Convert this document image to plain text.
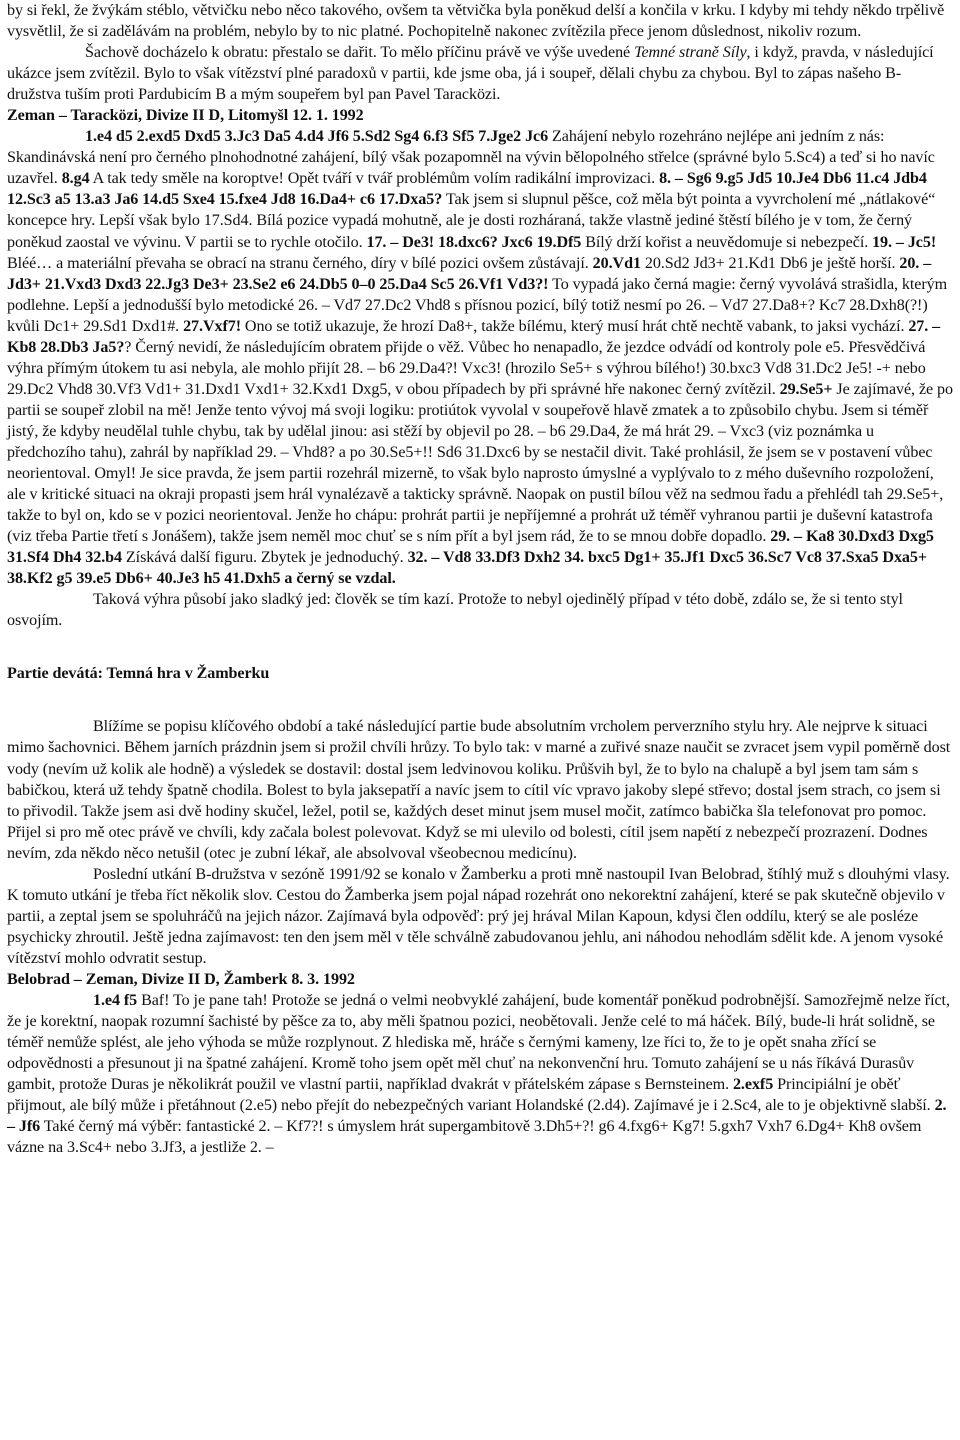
by si řekl, že žvýkám stéblo, větvičku nebo něco takového, ovšem ta větvička byla poněkud delší a končila v krku. I kdyby mi tehdy někdo trpělivě vysvětlil, že si zadělávám na problém, nebylo by to nic platné. Pochopitelně nakonec zvítězila přece jenom důslednost, nikoliv rozum.

Šachově docházelo k obratu: přestalo se dařit. To mělo příčinu právě ve výše uvedené Temné straně Síly, i když, pravda, v následující ukázce jsem zvítězil. Bylo to však vítězství plné paradoxů v partii, kde jsme oba, já i soupeř, dělali chybu za chybou. Byl to zápas našeho B-družstva tuším proti Pardubicím B a mým soupeřem byl pan Pavel Taracközi.

Zeman – Taracközi, Divize II D, Litomyšl 12. 1. 1992

1.e4 d5 2.exd5 Dxd5 3.Jc3 Da5 4.d4 Jf6 5.Sd2 Sg4 6.f3 Sf5 7.Jge2 Jc6 Zahájení nebylo rozehráno nejlépe ani jedním z nás: Skandinávská není pro černého plnohodnotné zahájení, bílý však pozapomněl na vývin bělopolného střelce (správné bylo 5.Sc4) a teď si ho navíc uzavřel. 8.g4 A tak tedy směle na koroptve! Opět tváří v tvář problémům volím radikální improvizaci. 8. – Sg6 9.g5 Jd5 10.Je4 Db6 11.c4 Jdb4 12.Sc3 a5 13.a3 Ja6 14.d5 Sxe4 15.fxe4 Jd8 16.Da4+ c6 17.Dxa5? Tak jsem si slupnul pěšce, což měla být pointa a vyvrcholení mé „nátlakové“ koncepce hry. Lepší však bylo 17.Sd4. Bílá pozice vypadá mohutně, ale je dosti rozháraná, takže vlastně jediné štěstí bílého je v tom, že černý poněkud zaostal ve vývinu. V partii se to rychle otočilo. 17. – De3! 18.dxc6? Jxc6 19.Df5 Bílý drží kořist a neuvědomuje si nebezpečí. 19. – Jc5! Bléé… a materiální převaha se obrací na stranu černého, díry v bílé pozici ovšem zůstávají. 20.Vd1 20.Sd2 Jd3+ 21.Kd1 Db6 je ještě horší. 20. – Jd3+ 21.Vxd3 Dxd3 22.Jg3 De3+ 23.Se2 e6 24.Db5 0–0 25.Da4 Sc5 26.Vf1 Vd3?! To vypadá jako černá magie: černý vyvolává strašidla, kterým podlehne. Lepší a jednodušší bylo metodické 26. – Vd7 27.Dc2 Vhd8 s přísnou pozicí, bílý totiž nesmí po 26. – Vd7 27.Da8+? Kc7 28.Dxh8(?!) kvůli Dc1+ 29.Sd1 Dxd1#. 27.Vxf7! Ono se totiž ukazuje, že hrozí Da8+, takže bílému, který musí hrát chtě nechtě vabank, to jaksi vychází. 27. – Kb8 28.Db3 Ja5?? Černý nevidí, že následujícím obratem přijde o věž. Vůbec ho nenapadlo, že jezdce odvádí od kontroly pole e5. Přesvědčivá výhra přímým útokem tu asi nebyla, ale mohlo přijít 28. – b6 29.Da4?! Vxc3! (hrozilo Se5+ s výhrou bílého!) 30.bxc3 Vd8 31.Dc2 Je5! -+ nebo 29.Dc2 Vhd8 30.Vf3 Vd1+ 31.Dxd1 Vxd1+ 32.Kxd1 Dxg5, v obou případech by při správné hře nakonec černý zvítězil. 29.Se5+ Je zajímavé, že po partii se soupeř zlobil na mě! Jenže tento vývoj má svoji logiku: protiútok vyvolal v soupeřově hlavě zmatek a to způsobilo chybu. Jsem si téměř jistý, že kdyby neudělal tuhle chybu, tak by udělal jinou: asi stěží by objevil po 28. – b6 29.Da4, že má hrát 29. – Vxc3 (viz poznámka u předchozího tahu), zahrál by například 29. – Vhd8? a po 30.Se5+!! Sd6 31.Dxc6 by se nestačil divit. Také prohlásil, že jsem se v postavení vůbec neorientoval. Omyl! Je sice pravda, že jsem partii rozehrál mizerně, to však bylo naprosto úmyslné a vyplývalo to z mého duševního rozpoložení, ale v kritické situaci na okraji propasti jsem hrál vynalézavě a takticky správně. Naopak on pustil bílou věž na sedmou řadu a přehlédl tah 29.Se5+, takže to byl on, kdo se v pozici neorientoval. Jenže ho chápu: prohrát partii je nepříjemné a prohrát už téměř vyhranou partii je duševní katastrofa (viz třeba Partie třetí s Jonášem), takže jsem neměl moc chuť se s ním přít a byl jsem rád, že to se mnou dobře dopadlo. 29. – Ka8 30.Dxd3 Dxg5 31.Sf4 Dh4 32.b4 Získává další figuru. Zbytek je jednoduchý. 32. – Vd8 33.Df3 Dxh2 34. bxc5 Dg1+ 35.Jf1 Dxc5 36.Sc7 Vc8 37.Sxa5 Dxa5+ 38.Kf2 g5 39.e5 Db6+ 40.Je3 h5 41.Dxh5 a černý se vzdal.

Taková výhra působí jako sladký jed: člověk se tím kazí. Protože to nebyl ojedinělý případ v této době, zdálo se, že si tento styl osvojím.

Partie devátá: Temná hra v Žamberku

Blížíme se popisu klíčového období a také následující partie bude absolutním vrcholem perverzního stylu hry. Ale nejprve k situaci mimo šachovnici. Během jarních prázdnin jsem si prožil chvíli hrůzy. To bylo tak: v marné a zuřivé snaze naučit se zvracet jsem vypil poměrně dost vody (nevím už kolik ale hodně) a výsledek se dostavil: dostal jsem ledvinovou koliku. Průšvih byl, že to bylo na chalupě a byl jsem tam sám s babičkou, která už tehdy špatně chodila. Bolest to byla jaksepatří a navíc jsem to cítil víc vpravo jakoby slepé střevo; dostal jsem strach, co jsem si to přivodil. Takže jsem asi dvě hodiny skučel, ležel, potil se, každých deset minut jsem musel močit, zatímco babička šla telefonovat pro pomoc. Přijel si pro mě otec právě ve chvíli, kdy začala bolest polevovat. Když se mi ulevilo od bolesti, cítil jsem napětí z nebezpečí prozrazení. Dodnes nevím, zda někdo něco netušil (otec je zubní lékař, ale absolvoval všeobecnou medicínu).

Poslední utkání B-družstva v sezóně 1991/92 se konalo v Žamberku a proti mně nastoupil Ivan Belobrad, štíhlý muž s dlouhými vlasy. K tomuto utkání je třeba říct několik slov. Cestou do Žamberka jsem pojal nápad rozehrát ono nekorektní zahájení, které se pak skutečně objevilo v partii, a zeptal jsem se spoluhráčů na jejich názor. Zajímavá byla odpověď: prý jej hrával Milan Kapoun, kdysi člen oddílu, který se ale posléze psychicky zhroutil. Ještě jedna zajímavost: ten den jsem měl v těle schválně zabudovanou jehlu, ani náhodou nehodlám sdělit kde. A jenom vysoké vítězství mohlo odvratit sestup.

Belobrad – Zeman, Divize II D, Žamberk 8. 3. 1992

1.e4 f5 Baf! To je pane tah! Protože se jedná o velmi neobvyklé zahájení, bude komentář poněkud podrobnější. Samozřejmě nelze říct, že je korektní, naopak rozumní šachisté by pěšce za to, aby měli špatnou pozici, neobětovali. Jenže celé to má háček. Bílý, bude-li hrát solidně, se téměř nemůže splést, ale jeho výhoda se může rozplynout. Z hlediska mě, hráče s černými kameny, lze říci to, že to je opět snaha zřící se odpovědnosti a přesunout ji na špatné zahájení. Kromě toho jsem opět měl chuť na nekonvenční hru. Tomuto zahájení se u nás říkává Durasův gambit, protože Duras je několikrát použil ve vlastní partii, například dvakrát v přátelském zápase s Bernsteinem. 2.exf5 Principiální je oběť přijmout, ale bílý může i přetáhnout (2.e5) nebo přejít do nebezpečných variant Holandské (2.d4). Zajímavé je i 2.Sc4, ale to je objektivně slabší. 2. – Jf6 Také černý má výběr: fantastické 2. – Kf7?! s úmyslem hrát supergambitově 3.Dh5+?! g6 4.fxg6+ Kg7! 5.gxh7 Vxh7 6.Dg4+ Kh8 ovšem vázne na 3.Sc4+ nebo 3.Jf3, a jestliže 2. –
